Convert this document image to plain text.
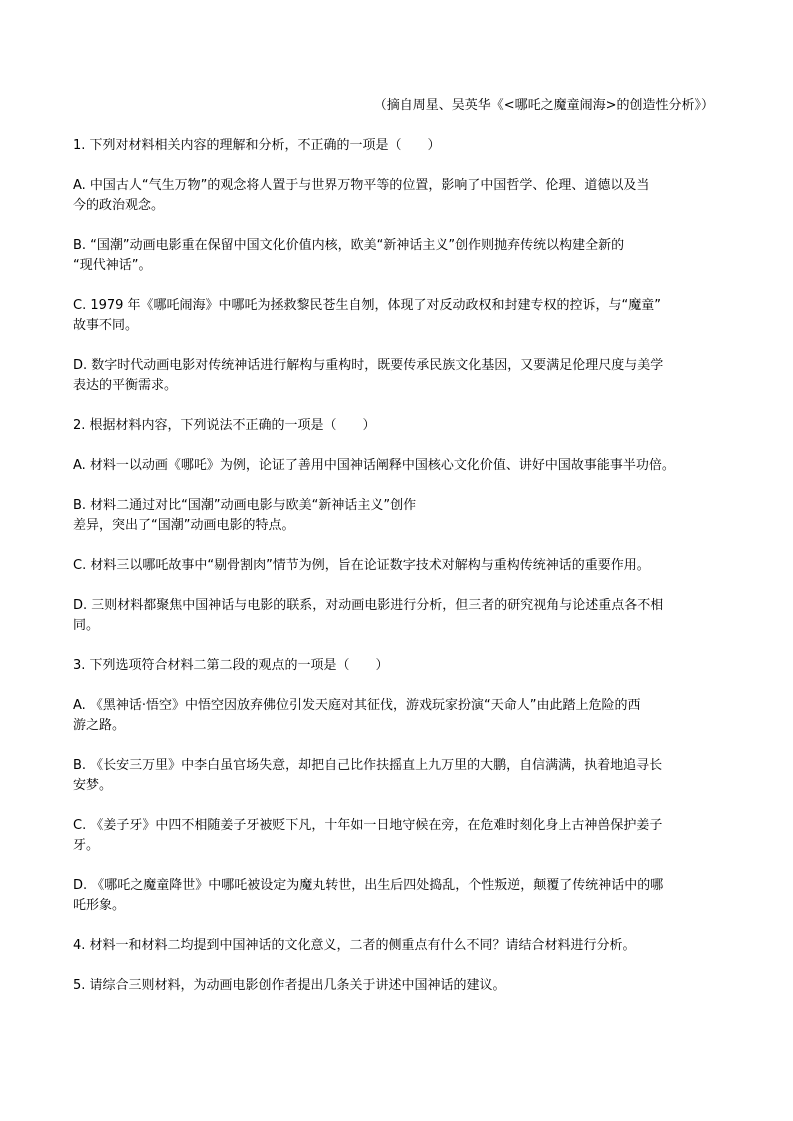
（摘自周星、吴英华《<哪吒之魔童闹海>的创造性分析》）
1. 下列对材料相关内容的理解和分析，不正确的一项是（　　）
A. 中国古人“气生万物”的观念将人置于与世界万物平等的位置，影响了中国哲学、伦理、道德以及当
今的政治观念。
B. “国潮”动画电影重在保留中国文化价值内核，欧美“新神话主义”创作则抛弃传统以构建全新的
“现代神话”。
C. 1979 年《哪吒闹海》中哪吒为拯救黎民苍生自刎，体现了对反动政权和封建专权的控诉，与“魔童”
故事不同。
D. 数字时代动画电影对传统神话进行解构与重构时，既要传承民族文化基因，又要满足伦理尺度与美学
表达的平衡需求。
2. 根据材料内容，下列说法不正确的一项是（　　）
A. 材料一以动画《哪吒》为例，论证了善用中国神话阐释中国核心文化价值、讲好中国故事能事半功倍。
B. 材料二通过对比“国潮”动画电影与欧美“新神话主义”创作
差异，突出了“国潮”动画电影的特点。
C. 材料三以哪吒故事中“剔骨割肉”情节为例，旨在论证数字技术对解构与重构传统神话的重要作用。
D. 三则材料都聚焦中国神话与电影的联系，对动画电影进行分析，但三者的研究视角与论述重点各不相
同。
3. 下列选项符合材料二第二段的观点的一项是（　　）
A. 《黑神话·悟空》中悟空因放弃佛位引发天庭对其征伐，游戏玩家扮演“天命人”由此踏上危险的西
游之路。
B. 《长安三万里》中李白虽官场失意，却把自己比作扶摇直上九万里的大鹏，自信满满，执着地追寻长
安梦。
C. 《姜子牙》中四不相随姜子牙被贬下凡，十年如一日地守候在旁，在危难时刻化身上古神兽保护姜子
牙。
D. 《哪吒之魔童降世》中哪吒被设定为魔丸转世，出生后四处捣乱，个性叛逆，颠覆了传统神话中的哪
吒形象。
4. 材料一和材料二均提到中国神话的文化意义，二者的侧重点有什么不同？请结合材料进行分析。
5. 请综合三则材料，为动画电影创作者提出几条关于讲述中国神话的建议。
